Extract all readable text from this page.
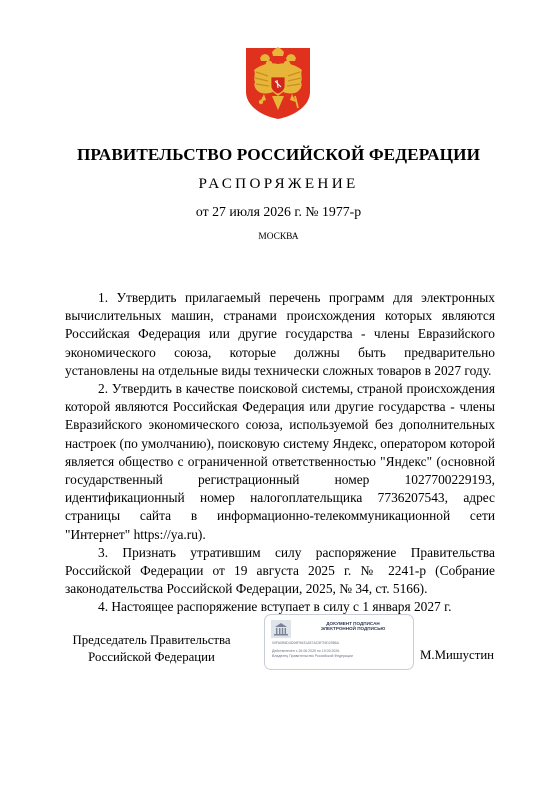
ПРАВИТЕЛЬСТВО РОССИЙСКОЙ ФЕДЕРАЦИИ
РАСПОРЯЖЕНИЕ
от 27 июля 2026 г. № 1977-р
МОСКВА

1. Утвердить прилагаемый перечень программ для электронных вычислительных машин, странами происхождения которых являются Российская Федерация или другие государства - члены Евразийского экономического союза, которые должны быть предварительно установлены на отдельные виды технически сложных товаров в 2027 году.

2. Утвердить в качестве поисковой системы, страной происхождения которой являются Российская Федерация или другие государства - члены Евразийского экономического союза, используемой без дополнительных настроек (по умолчанию), поисковую систему Яндекс, оператором которой является общество с ограниченной ответственностью "Яндекс" (основной государственный регистрационный номер 1027700229193, идентификационный номер налогоплательщика 7736207543, адрес страницы сайта в информационно-телекоммуникационной сети "Интернет" https://ya.ru).

3. Признать утратившим силу распоряжение Правительства Российской Федерации от 19 августа 2025 г. № 2241-р (Собрание законодательства Российской Федерации, 2025, № 34, ст. 5166).

4. Настоящее распоряжение вступает в силу с 1 января 2027 г.

Председатель Правительства
Российской Федерации
ДОКУМЕНТ ПОДПИСАН
ЭЛЕКТРОННОЙ ПОДПИСЬЮ
00FA0B6D4D06F5631A57AC5F29D2986A
Действителен с 26.06.2025 по 19.09.2026
Владелец Правительство Российской Федерации	М.Мишустин
